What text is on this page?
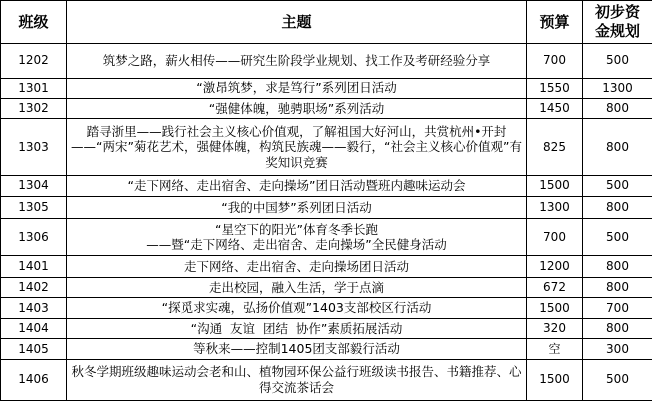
班级	主题	预算	初步资
金规划
1202	筑梦之路，薪火相传——研究生阶段学业规划、找工作及考研经验分享	700	500
1301	“激昂筑梦，求是笃行”系列团日活动	1550	1300
1302	“强健体魄，驰骋职场”系列活动	1450	800
1303	踏寻浙里——践行社会主义核心价值观，了解祖国大好河山，共赏杭州•开封——“两宋”菊花艺术，强健体魄，构筑民族魂——毅行，“社会主义核心价值观”有奖知识竞赛	825	800
1304	“走下网络、走出宿舍、走向操场”团日活动暨班内趣味运动会	1500	500
1305	“我的中国梦”系列团日活动	1300	800
1306	“星空下的阳光”体育冬季长跑
——暨“走下网络、走出宿舍、走向操场”全民健身活动	700	500
1401	走下网络、走出宿舍、走向操场团日活动	1200	800
1402	走出校园，融入生活，学于点滴	672	800
1403	“探觅求实魂，弘扬价值观”1403支部校区行活动	1500	700
1404	“沟通  友谊  团结  协作”素质拓展活动	320	800
1405	等秋来——控制1405团支部毅行活动	空	300
1406	秋冬学期班级趣味运动会老和山、植物园环保公益行班级读书报告、书籍推荐、心得交流茶话会	1500	500
